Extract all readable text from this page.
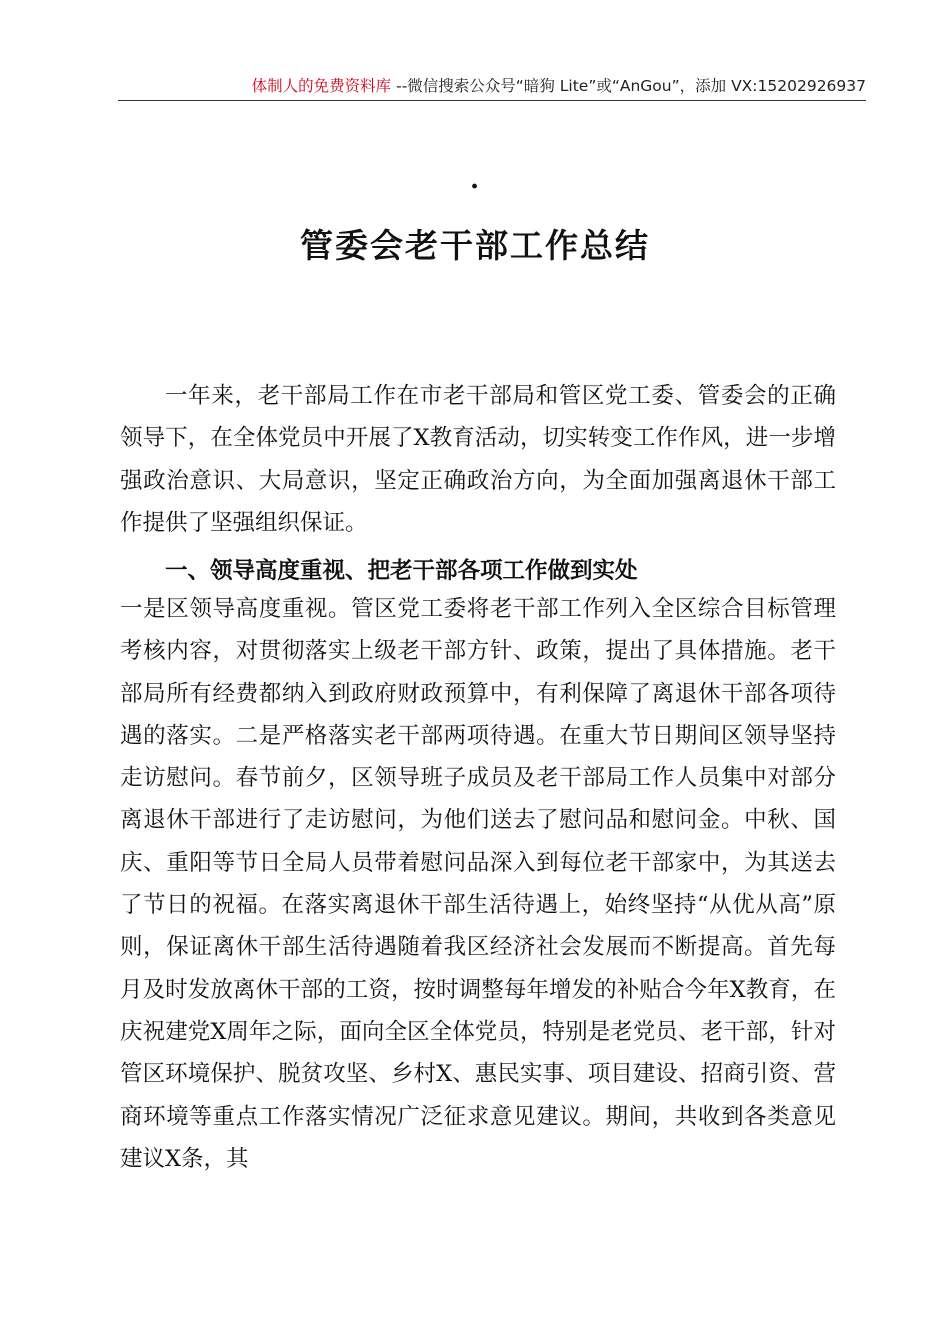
体制人的免费资料库 --微信搜索公众号“暗狗 Lite”或“AnGou”，添加 VX:15202926937
·
管委会老干部工作总结

一年来，老干部局工作在市老干部局和管区党工委、管委会的正确领导下，在全体党员中开展了X教育活动，切实转变工作作风，进一步增强政治意识、大局意识，坚定正确政治方向，为全面加强离退休干部工作提供了坚强组织保证。

一、领导高度重视、把老干部各项工作做到实处

一是区领导高度重视。管区党工委将老干部工作列入全区综合目标管理考核内容，对贯彻落实上级老干部方针、政策，提出了具体措施。老干部局所有经费都纳入到政府财政预算中，有利保障了离退休干部各项待遇的落实。二是严格落实老干部两项待遇。在重大节日期间区领导坚持走访慰问。春节前夕，区领导班子成员及老干部局工作人员集中对部分离退休干部进行了走访慰问，为他们送去了慰问品和慰问金。中秋、国庆、重阳等节日全局人员带着慰问品深入到每位老干部家中，为其送去了节日的祝福。在落实离退休干部生活待遇上，始终坚持“从优从高”原则，保证离休干部生活待遇随着我区经济社会发展而不断提高。首先每月及时发放离休干部的工资，按时调整每年增发的补贴合今年X教育，在庆祝建党X周年之际，面向全区全体党员，特别是老党员、老干部，针对管区环境保护、脱贫攻坚、乡村X、惠民实事、项目建设、招商引资、营商环境等重点工作落实情况广泛征求意见建议。期间，共收到各类意见建议X条，其
